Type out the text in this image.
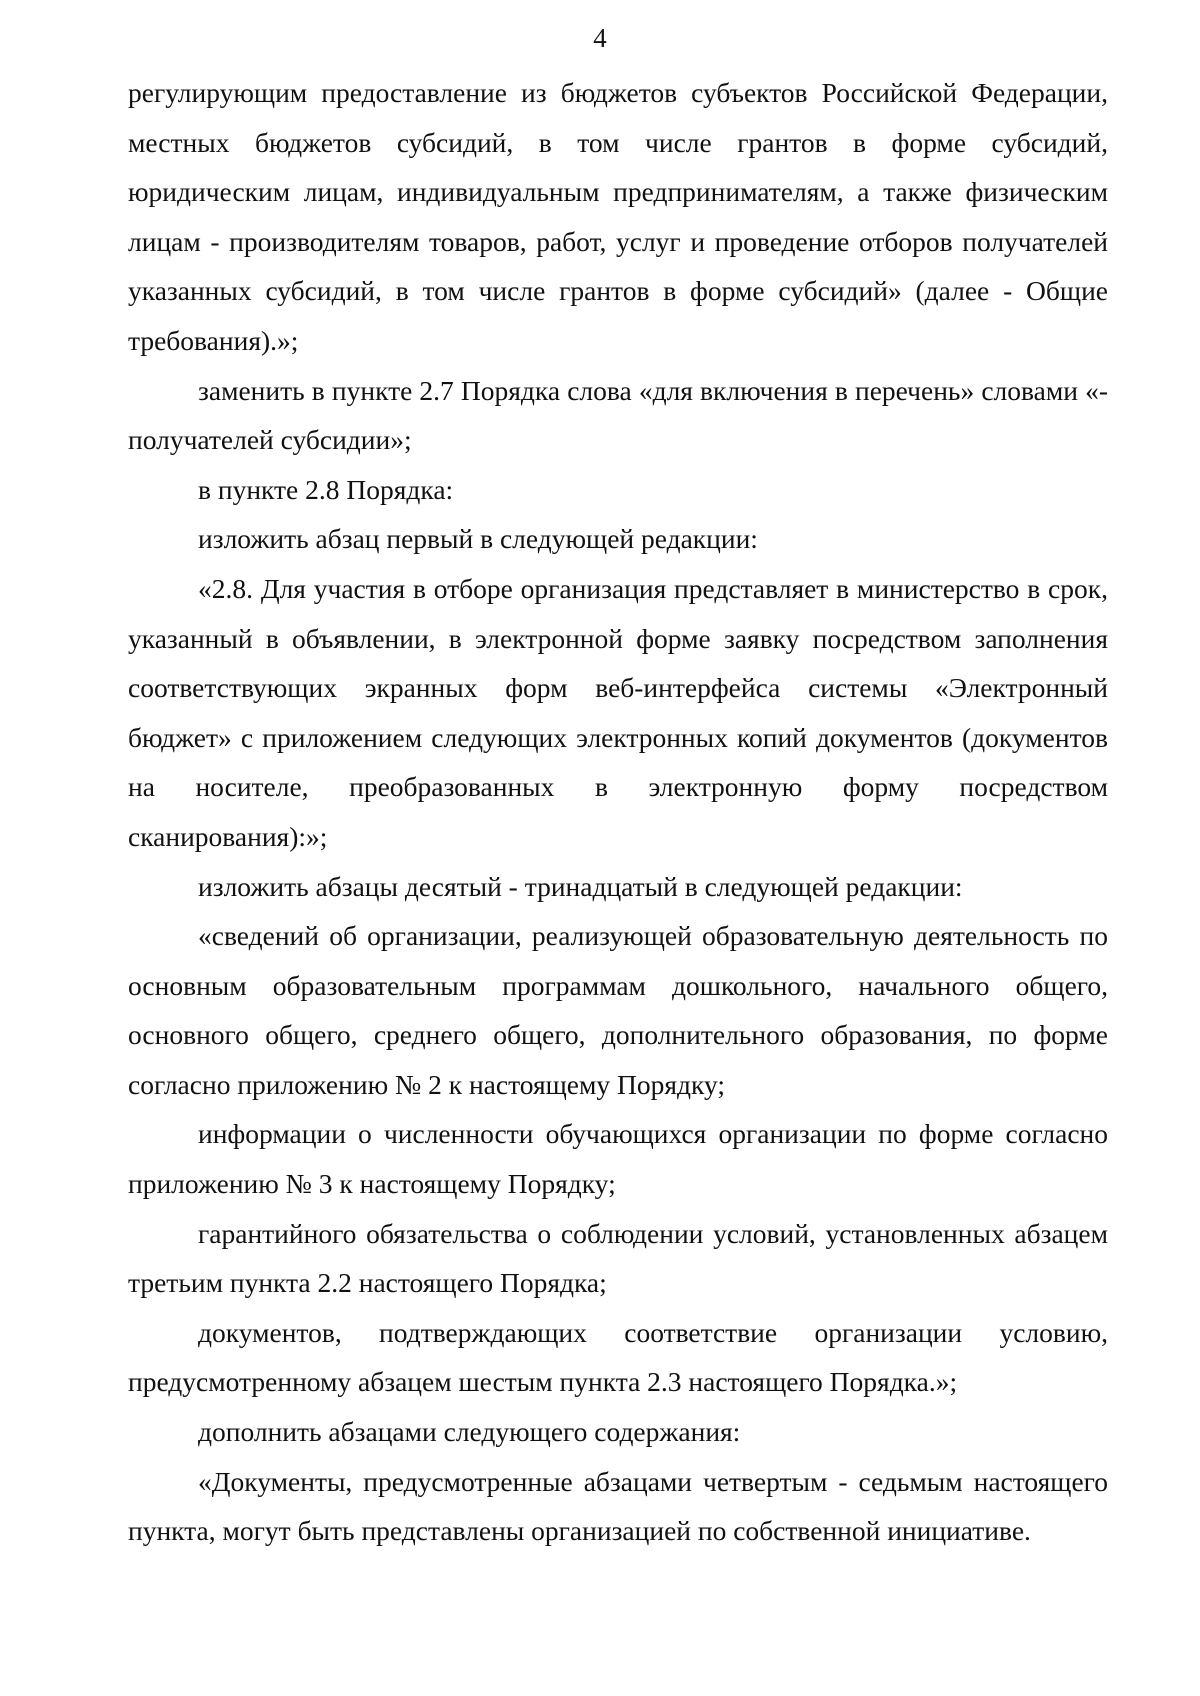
4

регулирующим предоставление из бюджетов субъектов Российской Федерации, местных бюджетов субсидий, в том числе грантов в форме субсидий, юридическим лицам, индивидуальным предпринимателям, а также физическим лицам - производителям товаров, работ, услуг и проведение отборов получателей указанных субсидий, в том числе грантов в форме субсидий» (далее - Общие требования).»;

заменить в пункте 2.7 Порядка слова «для включения в перечень» словами «- получателей субсидии»;

в пункте 2.8 Порядка:

изложить абзац первый в следующей редакции:

«2.8. Для участия в отборе организация представляет в министерство в срок, указанный в объявлении, в электронной форме заявку посредством заполнения соответствующих экранных форм веб-интерфейса системы «Электронный бюджет» с приложением следующих электронных копий документов (документов на носителе, преобразованных в электронную форму посредством сканирования):»;

изложить абзацы десятый - тринадцатый в следующей редакции:

«сведений об организации, реализующей образовательную деятельность по основным образовательным программам дошкольного, начального общего, основного общего, среднего общего, дополнительного образования, по форме согласно приложению № 2 к настоящему Порядку;

информации о численности обучающихся организации по форме согласно приложению № 3 к настоящему Порядку;

гарантийного обязательства о соблюдении условий, установленных абзацем третьим пункта 2.2 настоящего Порядка;

документов, подтверждающих соответствие организации условию, предусмотренному абзацем шестым пункта 2.3 настоящего Порядка.»;

дополнить абзацами следующего содержания:

«Документы, предусмотренные абзацами четвертым - седьмым настоящего пункта, могут быть представлены организацией по собственной инициативе.
